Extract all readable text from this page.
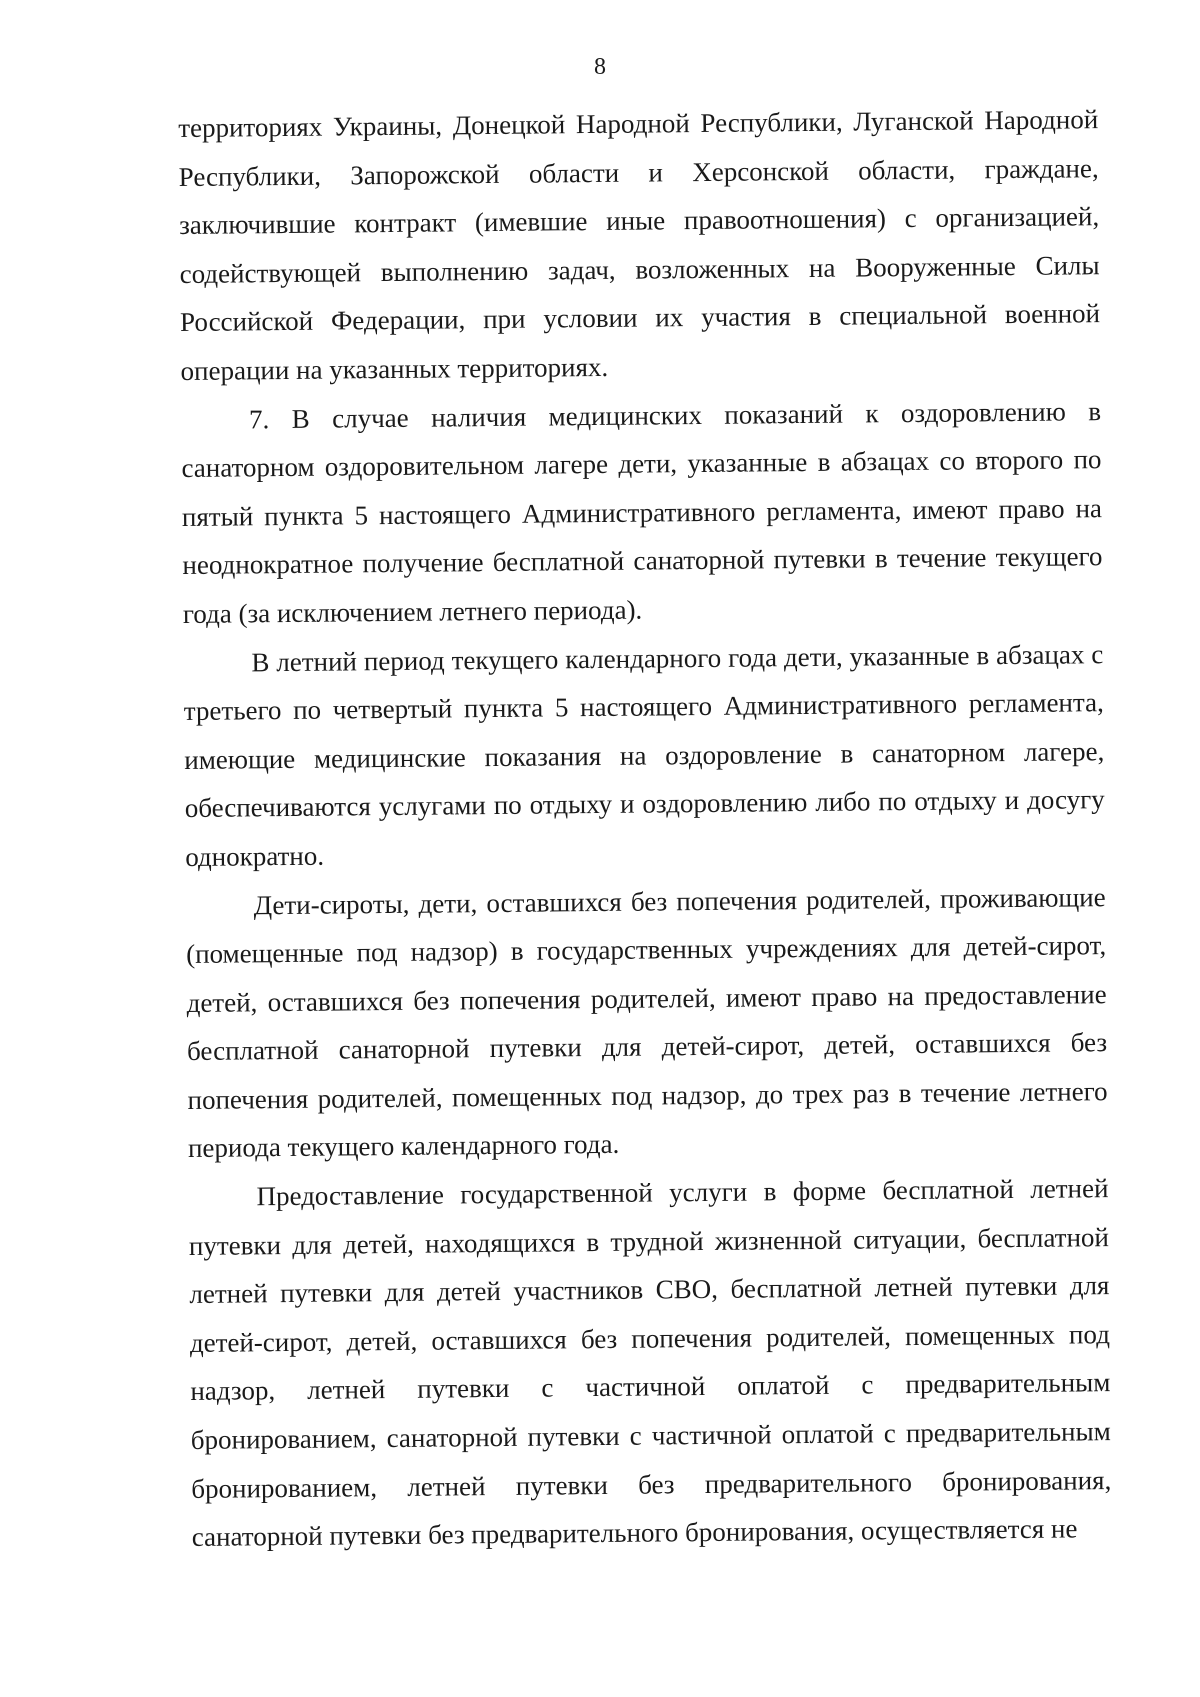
8

территориях Украины, Донецкой Народной Республики, Луганской Народной Республики, Запорожской области и Херсонской области, граждане, заключившие контракт (имевшие иные правоотношения) с организацией, содействующей выполнению задач, возложенных на Вооруженные Силы Российской Федерации, при условии их участия в специальной военной операции на указанных территориях.

7. В случае наличия медицинских показаний к оздоровлению в санаторном оздоровительном лагере дети, указанные в абзацах со второго по пятый пункта 5 настоящего Административного регламента, имеют право на неоднократное получение бесплатной санаторной путевки в течение текущего года (за исключением летнего периода).

В летний период текущего календарного года дети, указанные в абзацах с третьего по четвертый пункта 5 настоящего Административного регламента, имеющие медицинские показания на оздоровление в санаторном лагере, обеспечиваются услугами по отдыху и оздоровлению либо по отдыху и досугу однократно.

Дети-сироты, дети, оставшихся без попечения родителей, проживающие (помещенные под надзор) в государственных учреждениях для детей-сирот, детей, оставшихся без попечения родителей, имеют право на предоставление бесплатной санаторной путевки для детей-сирот, детей, оставшихся без попечения родителей, помещенных под надзор, до трех раз в течение летнего периода текущего календарного года.

Предоставление государственной услуги в форме бесплатной летней путевки для детей, находящихся в трудной жизненной ситуации, бесплатной летней путевки для детей участников СВО, бесплатной летней путевки для детей-сирот, детей, оставшихся без попечения родителей, помещенных под надзор, летней путевки с частичной оплатой с предварительным бронированием, санаторной путевки с частичной оплатой с предварительным бронированием, летней путевки без предварительного бронирования, санаторной путевки без предварительного бронирования, осуществляется не
